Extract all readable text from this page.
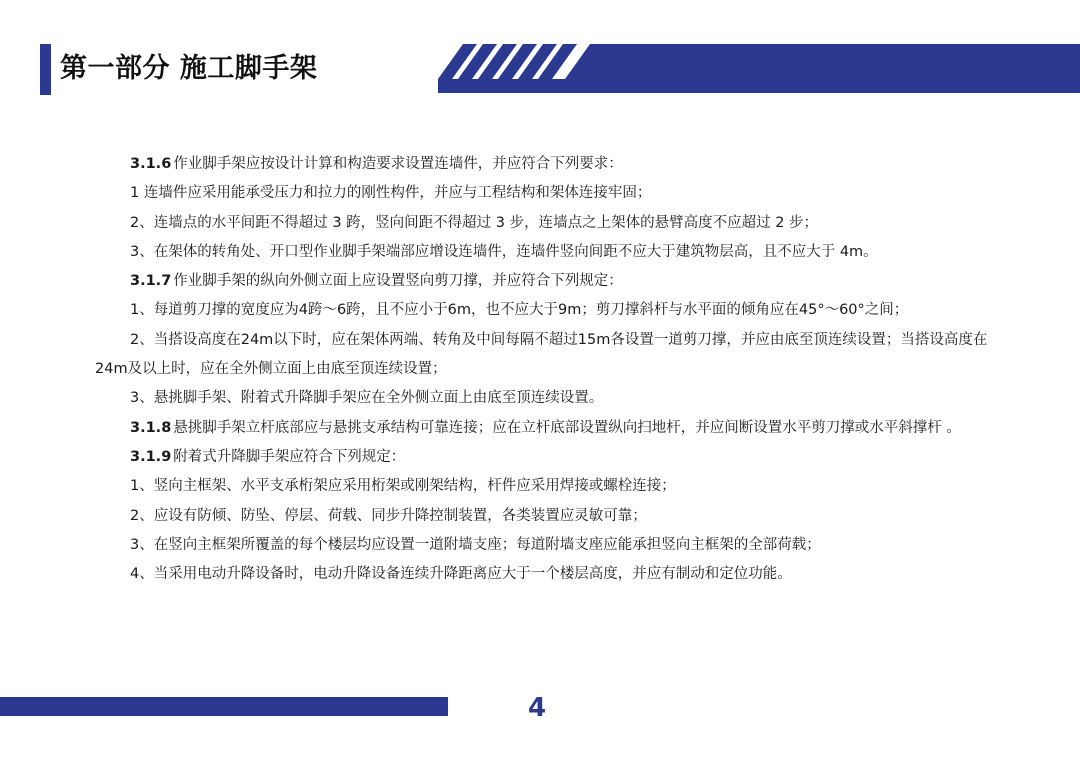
第一部分 施工脚手架

3.1.6 作业脚手架应按设计计算和构造要求设置连墙件，并应符合下列要求：

1 连墙件应采用能承受压力和拉力的刚性构件，并应与工程结构和架体连接牢固；

2、连墙点的水平间距不得超过 3 跨，竖向间距不得超过 3 步，连墙点之上架体的悬臂高度不应超过 2 步；

3、在架体的转角处、开口型作业脚手架端部应增设连墙件，连墙件竖向间距不应大于建筑物层高，且不应大于 4m。

3.1.7 作业脚手架的纵向外侧立面上应设置竖向剪刀撑，并应符合下列规定：

1、每道剪刀撑的宽度应为4跨～6跨，且不应小于6m，也不应大于9m；剪刀撑斜杆与水平面的倾角应在45°～60°之间；

2、当搭设高度在24m以下时，应在架体两端、转角及中间每隔不超过15m各设置一道剪刀撑，并应由底至顶连续设置；当搭设高度在24m及以上时，应在全外侧立面上由底至顶连续设置；

3、悬挑脚手架、附着式升降脚手架应在全外侧立面上由底至顶连续设置。

3.1.8 悬挑脚手架立杆底部应与悬挑支承结构可靠连接；应在立杆底部设置纵向扫地杆，并应间断设置水平剪刀撑或水平斜撑杆 。

3.1.9 附着式升降脚手架应符合下列规定：

1、竖向主框架、水平支承桁架应采用桁架或刚架结构，杆件应采用焊接或螺栓连接；

2、应设有防倾、防坠、停层、荷载、同步升降控制装置，各类装置应灵敏可靠；

3、在竖向主框架所覆盖的每个楼层均应设置一道附墙支座；每道附墙支座应能承担竖向主框架的全部荷载；

4、当采用电动升降设备时，电动升降设备连续升降距离应大于一个楼层高度，并应有制动和定位功能。

4
